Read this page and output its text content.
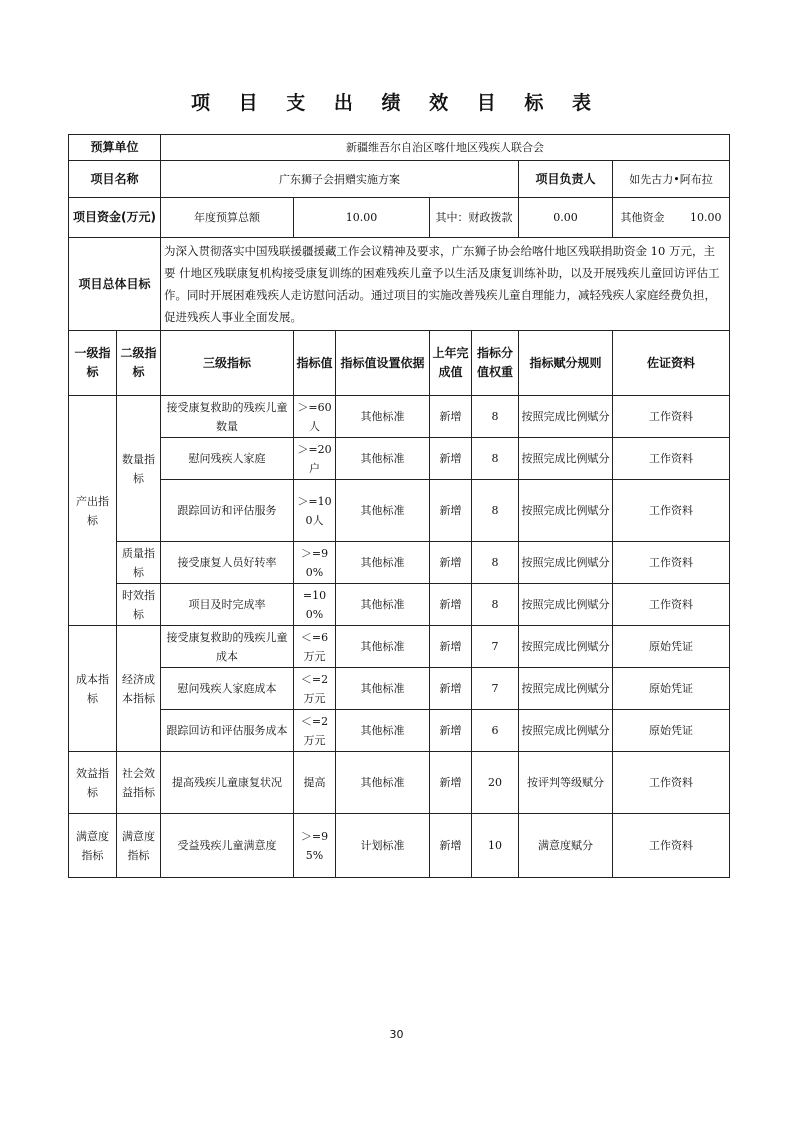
项 目 支 出 绩 效 目 标 表
预算单位		新疆维吾尔自治区喀什地区残疾人联合会						
项目名称		广东狮子会捐赠实施方案					项目负责人	如先古力•阿布拉
项目资金(万元)		年度预算总额	10.00		其中：财政拨款		0.00	其他资金 10.00
项目总体目标		为深入贯彻落实中国残联援疆援藏工作会议精神及要求，广东狮子协会给喀什地区残联捐助资金 10 万元，主要 什地区残联康复机构接受康复训练的困难残疾儿童予以生活及康复训练补助，以及开展残疾儿童回访评估工作。同时开展困难残疾人走访慰问活动。通过项目的实施改善残疾儿童自理能力，减轻残疾人家庭经费负担，促进残疾人事业全面发展。						
一级指标	二级指标	三级指标	指标值	指标值设置依据	上年完成值	指标分值权重	指标赋分规则	佐证资料
产出指标	数量指标	接受康复救助的残疾儿童数量	＞=60人	其他标准	新增	8	按照完成比例赋分	工作资料
		慰问残疾人家庭	＞=20户	其他标准	新增	8	按照完成比例赋分	工作资料
		跟踪回访和评估服务	＞=100人	其他标准	新增	8	按照完成比例赋分	工作资料
	质量指标	接受康复人员好转率	＞=90%	其他标准	新增	8	按照完成比例赋分	工作资料
	时效指标	项目及时完成率	=100%	其他标准	新增	8	按照完成比例赋分	工作资料
成本指标	经济成本指标	接受康复救助的残疾儿童成本	＜=6万元	其他标准	新增	7	按照完成比例赋分	原始凭证
		慰问残疾人家庭成本	＜=2万元	其他标准	新增	7	按照完成比例赋分	原始凭证
		跟踪回访和评估服务成本	＜=2万元	其他标准	新增	6	按照完成比例赋分	原始凭证
效益指标	社会效益指标	提高残疾儿童康复状况	提高	其他标准	新增	20	按评判等级赋分	工作资料
满意度指标	满意度指标	受益残疾儿童满意度	＞=95%	计划标准	新增	10	满意度赋分	工作资料
30
